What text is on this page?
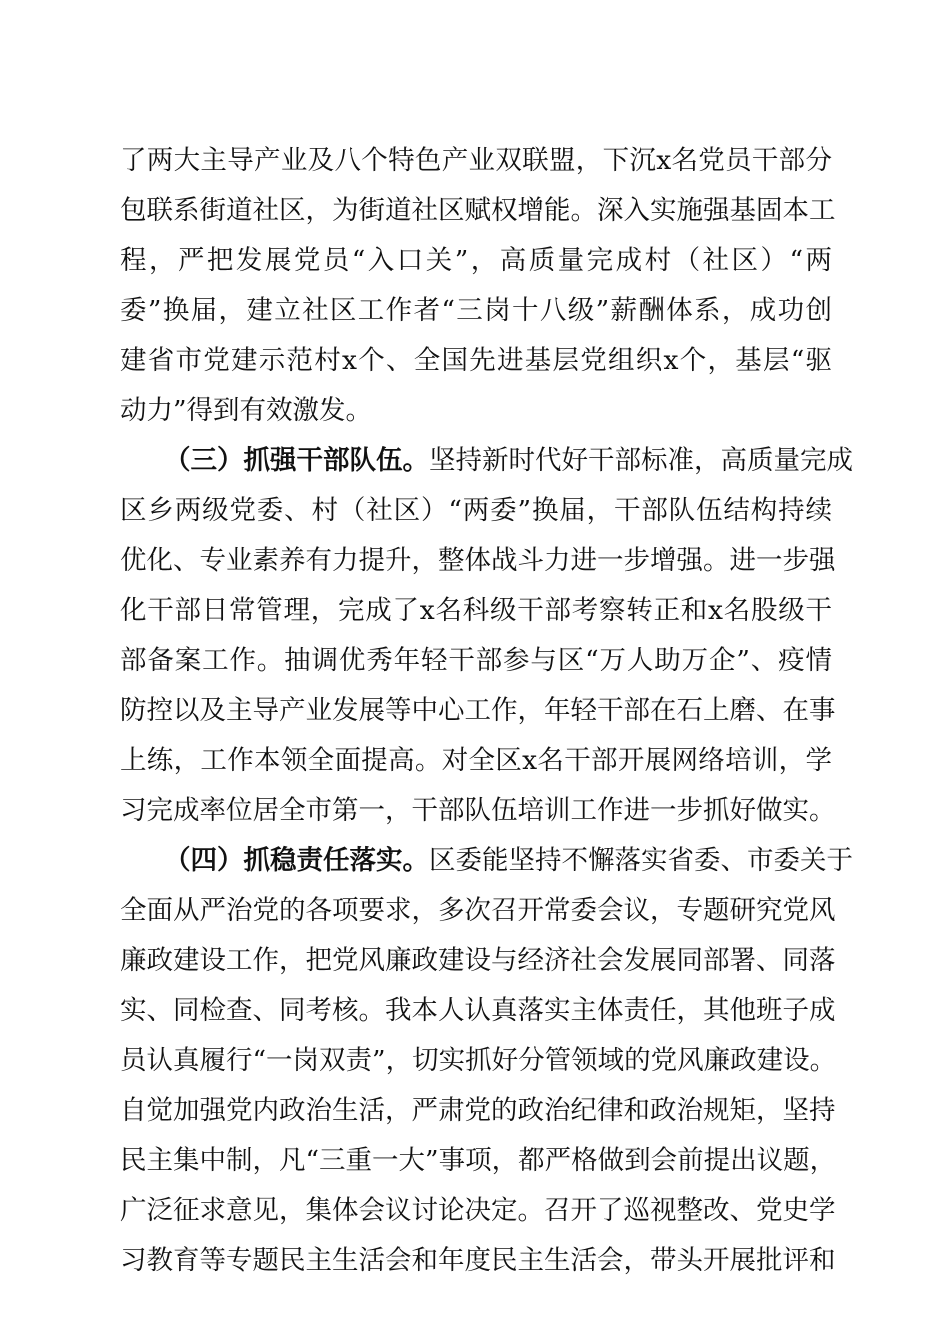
了两大主导产业及八个特色产业双联盟，下沉x名党员干部分
包联系街道社区，为街道社区赋权增能。深入实施强基固本工
程，严把发展党员“入口关”，高质量完成村（社区）“两
委”换届，建立社区工作者“三岗十八级”薪酬体系，成功创
建省市党建示范村x个、全国先进基层党组织x个，基层“驱
动力”得到有效激发。
（三）抓强干部队伍。坚持新时代好干部标准，高质量完成
区乡两级党委、村（社区）“两委”换届，干部队伍结构持续
优化、专业素养有力提升，整体战斗力进一步增强。进一步强
化干部日常管理，完成了x名科级干部考察转正和x名股级干
部备案工作。抽调优秀年轻干部参与区“万人助万企”、疫情
防控以及主导产业发展等中心工作，年轻干部在石上磨、在事
上练，工作本领全面提高。对全区x名干部开展网络培训，学
习完成率位居全市第一，干部队伍培训工作进一步抓好做实。
（四）抓稳责任落实。区委能坚持不懈落实省委、市委关于
全面从严治党的各项要求，多次召开常委会议，专题研究党风
廉政建设工作，把党风廉政建设与经济社会发展同部署、同落
实、同检查、同考核。我本人认真落实主体责任，其他班子成
员认真履行“一岗双责”，切实抓好分管领域的党风廉政建设。
自觉加强党内政治生活，严肃党的政治纪律和政治规矩，坚持
民主集中制，凡“三重一大”事项，都严格做到会前提出议题，
广泛征求意见，集体会议讨论决定。召开了巡视整改、党史学
习教育等专题民主生活会和年度民主生活会，带头开展批评和
